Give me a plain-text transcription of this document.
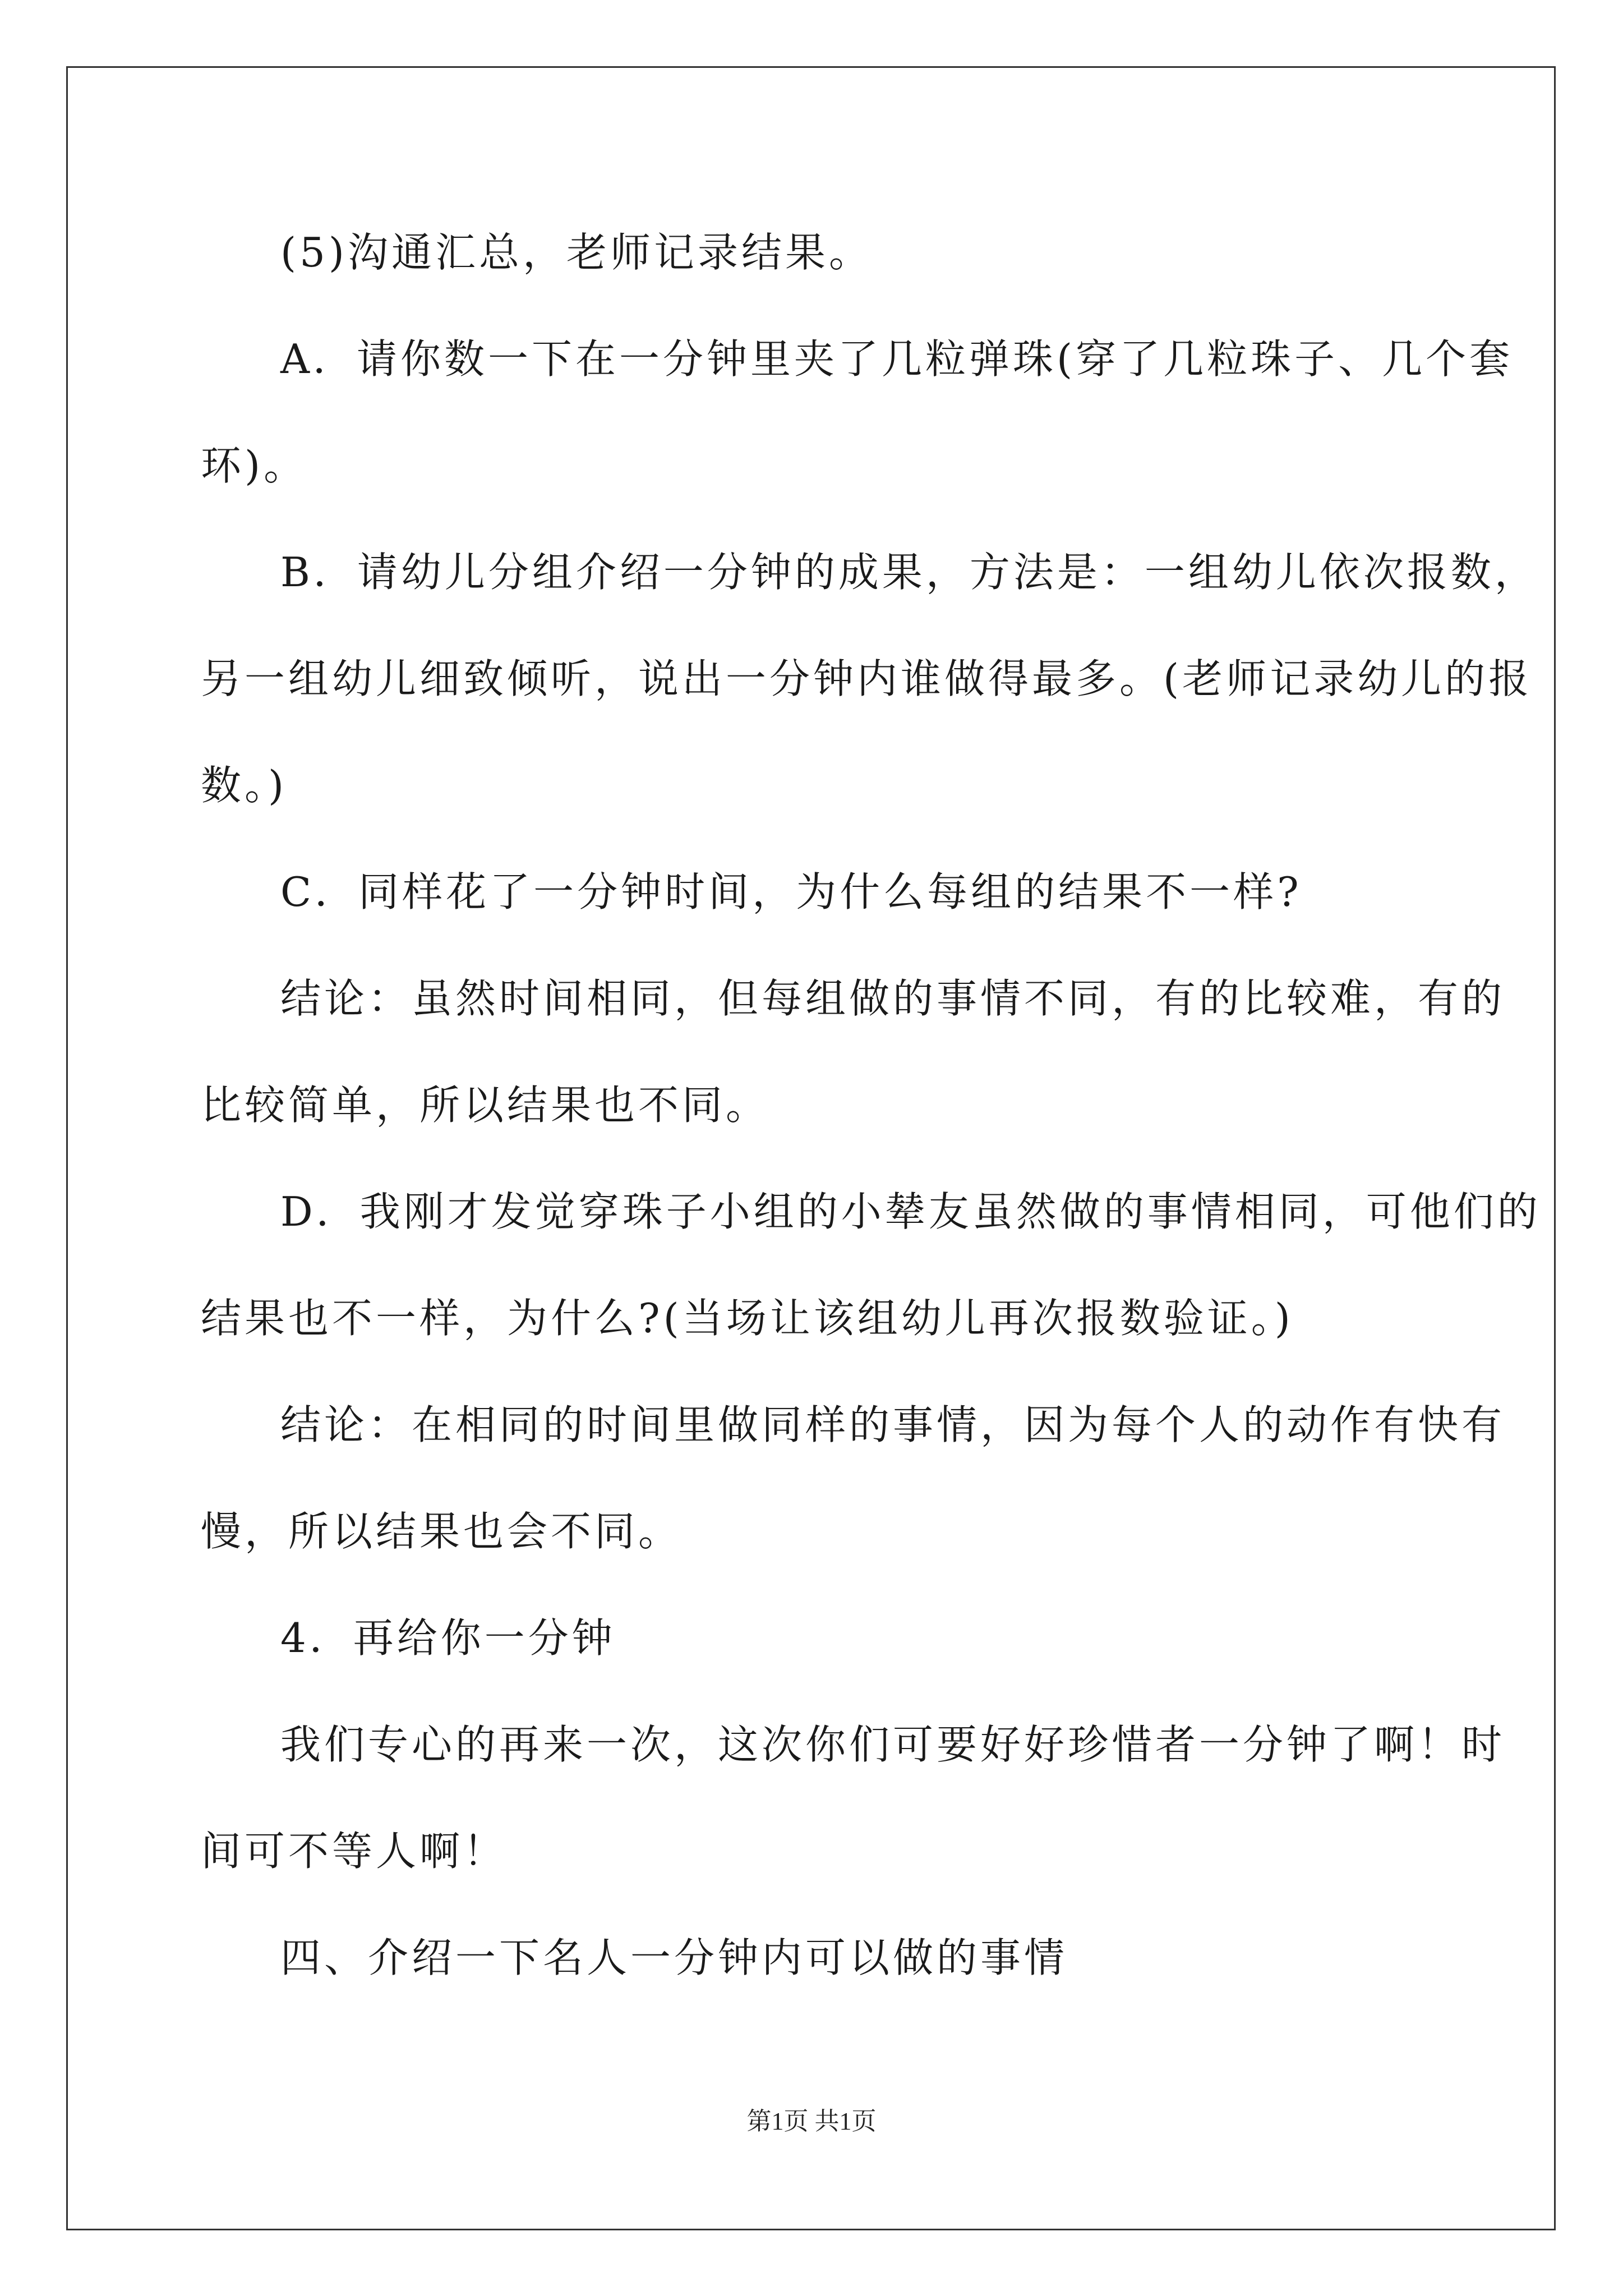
(5)沟通汇总，老师记录结果。
A．请你数一下在一分钟里夹了几粒弹珠(穿了几粒珠子、几个套
环)。
B．请幼儿分组介绍一分钟的成果，方法是：一组幼儿依次报数，
另一组幼儿细致倾听，说出一分钟内谁做得最多。(老师记录幼儿的报
数。)
C．同样花了一分钟时间，为什么每组的结果不一样?
结论：虽然时间相同，但每组做的事情不同，有的比较难，有的
比较简单，所以结果也不同。
D．我刚才发觉穿珠子小组的小辇友虽然做的事情相同，可他们的
结果也不一样，为什么?(当场让该组幼儿再次报数验证。)
结论：在相同的时间里做同样的事情，因为每个人的动作有快有
慢，所以结果也会不同。
4．再给你一分钟
我们专心的再来一次，这次你们可要好好珍惜者一分钟了啊！时
间可不等人啊！
四、介绍一下名人一分钟内可以做的事情
第1页 共1页
